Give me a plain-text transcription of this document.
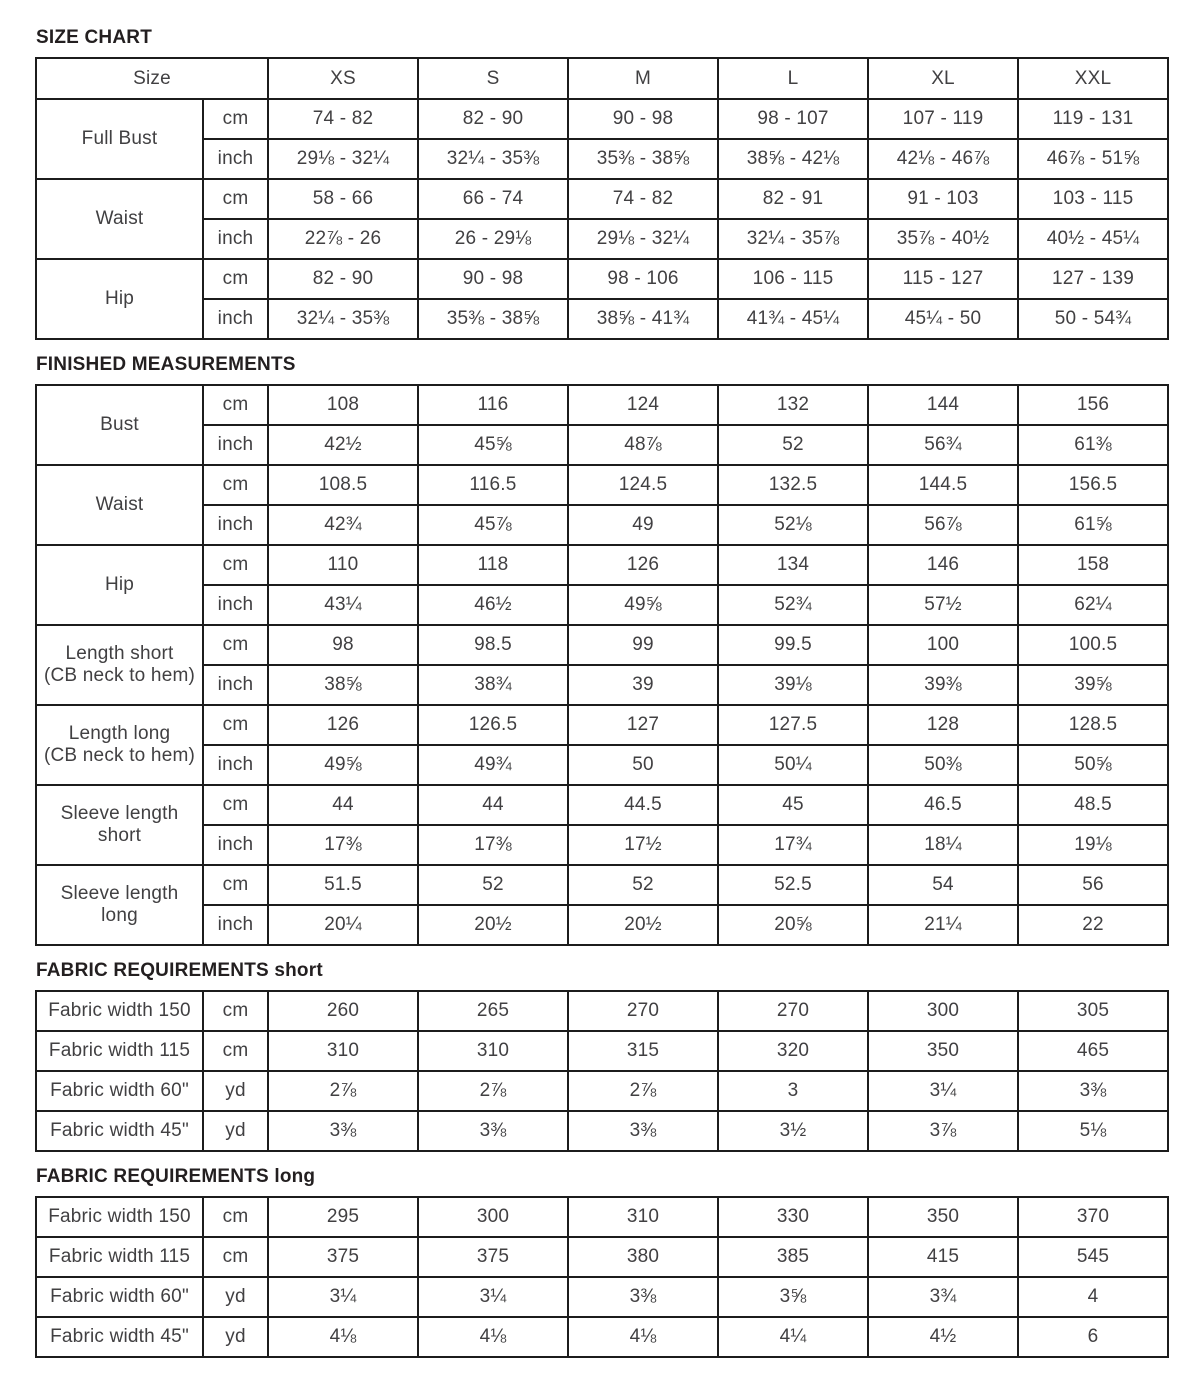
SIZE CHART
Size		XS	S	M	L	XL	XXL

Full Bust	cm	74 - 82	82 - 90	90 - 98	98 - 107	107 - 119	119 - 131
	inch	29⅛ - 32¼	32¼ - 35⅜	35⅜ - 38⅝	38⅝ - 42⅛	42⅛ - 46⅞	46⅞ - 51⅝

Waist	cm	58 - 66	66 - 74	74 - 82	82 - 91	91 - 103	103 - 115
	inch	22⅞ - 26	26 - 29⅛	29⅛ - 32¼	32¼ - 35⅞	35⅞ - 40½	40½ - 45¼

Hip	cm	82 - 90	90 - 98	98 - 106	106 - 115	115 - 127	127 - 139
	inch	32¼ - 35⅜	35⅜ - 38⅝	38⅝ - 41¾	41¾ - 45¼	45¼ - 50	50 - 54¾
FINISHED MEASUREMENTS
Bust	cm	108	116	124	132	144	156
	inch	42½	45⅝	48⅞	52	56¾	61⅜

Waist	cm	108.5	116.5	124.5	132.5	144.5	156.5
	inch	42¾	45⅞	49	52⅛	56⅞	61⅝

Hip	cm	110	118	126	134	146	158
	inch	43¼	46½	49⅝	52¾	57½	62¼

Length short
(CB neck to hem)	cm	98	98.5	99	99.5	100	100.5
	inch	38⅝	38¾	39	39⅛	39⅜	39⅝

Length long
(CB neck to hem)	cm	126	126.5	127	127.5	128	128.5
	inch	49⅝	49¾	50	50¼	50⅜	50⅝

Sleeve length
short	cm	44	44	44.5	45	46.5	48.5
	inch	17⅜	17⅜	17½	17¾	18¼	19⅛

Sleeve length
long	cm	51.5	52	52	52.5	54	56
	inch	20¼	20½	20½	20⅝	21¼	22
FABRIC REQUIREMENTS short
Fabric width 150	cm	260	265	270	270	300	305
Fabric width 115	cm	310	310	315	320	350	465
Fabric width 60"	yd	2⅞	2⅞	2⅞	3	3¼	3⅜
Fabric width 45"	yd	3⅜	3⅜	3⅜	3½	3⅞	5⅛
FABRIC REQUIREMENTS long
Fabric width 150	cm	295	300	310	330	350	370
Fabric width 115	cm	375	375	380	385	415	545
Fabric width 60"	yd	3¼	3¼	3⅜	3⅝	3¾	4
Fabric width 45"	yd	4⅛	4⅛	4⅛	4¼	4½	6
